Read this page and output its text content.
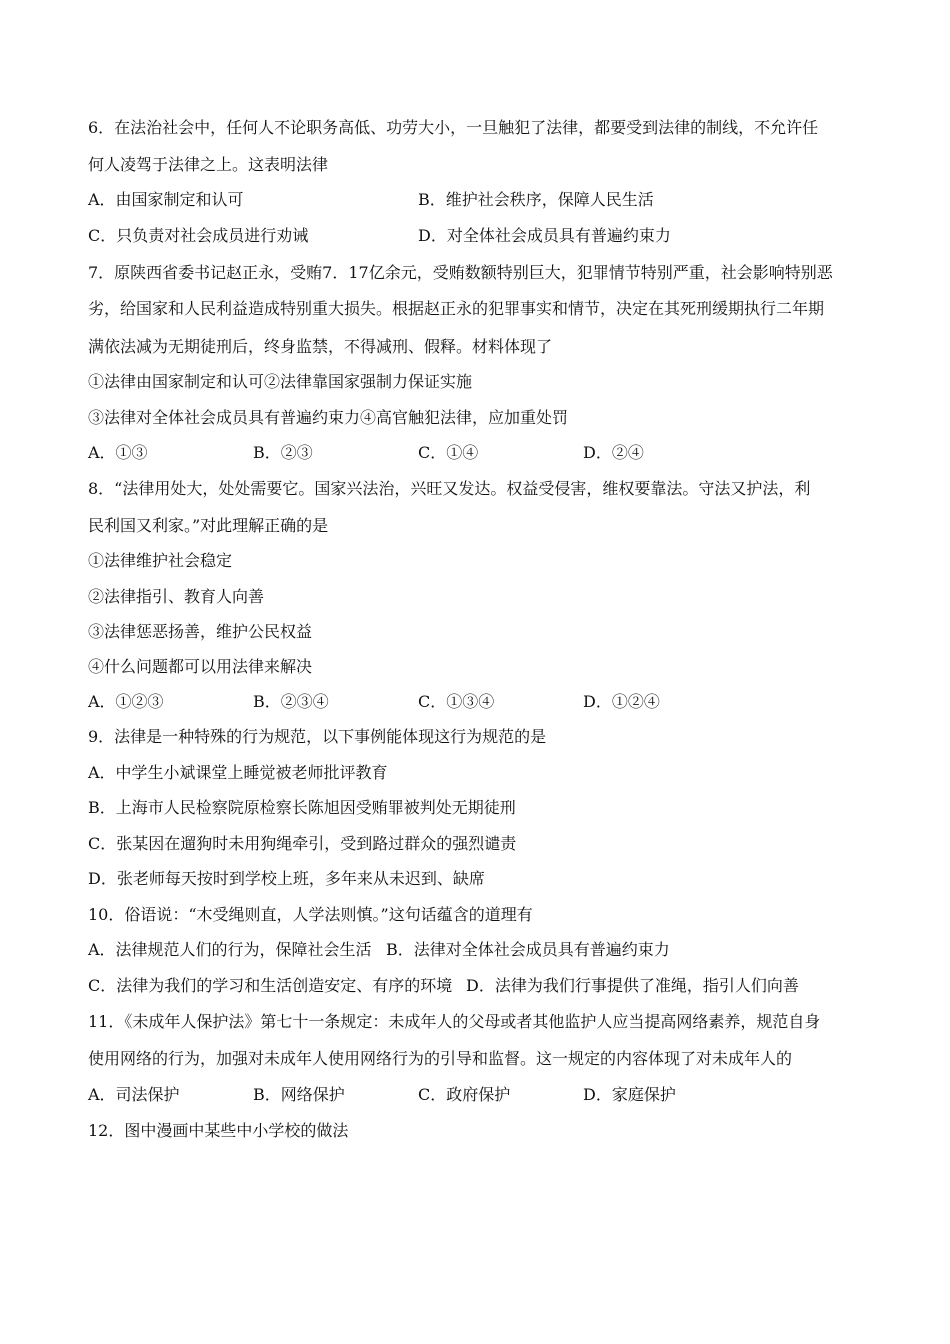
6．在法治社会中，任何人不论职务高低、功劳大小，一旦触犯了法律，都要受到法律的制线，不允许任
何人凌驾于法律之上。这表明法律
A．由国家制定和认可	B．维护社会秩序，保障人民生活
C．只负责对社会成员进行劝诫	D．对全体社会成员具有普遍约束力
7．原陕西省委书记赵正永，受贿7．17亿余元，受贿数额特别巨大，犯罪情节特别严重，社会影响特别恶
劣，给国家和人民利益造成特别重大损失。根据赵正永的犯罪事实和情节，决定在其死刑缓期执行二年期
满依法减为无期徒刑后，终身监禁，不得减刑、假释。材料体现了
①法律由国家制定和认可②法律靠国家强制力保证实施
③法律对全体社会成员具有普遍约束力④高官触犯法律，应加重处罚
A．①③	B．②③	C．①④	D．②④
8．“法律用处大，处处需要它。国家兴法治，兴旺又发达。权益受侵害，维权要靠法。守法又护法，利
民利国又利家。”对此理解正确的是
①法律维护社会稳定
②法律指引、教育人向善
③法律惩恶扬善，维护公民权益
④什么问题都可以用法律来解决
A．①②③	B．②③④	C．①③④	D．①②④
9．法律是一种特殊的行为规范，以下事例能体现这行为规范的是
A．中学生小斌课堂上睡觉被老师批评教育
B．上海市人民检察院原检察长陈旭因受贿罪被判处无期徒刑
C．张某因在遛狗时未用狗绳牵引，受到路过群众的强烈谴责
D．张老师每天按时到学校上班，多年来从未迟到、缺席
10．俗语说：“木受绳则直，人学法则慎。”这句话蕴含的道理有
A．法律规范人们的行为，保障社会生活 B．法律对全体社会成员具有普遍约束力
C．法律为我们的学习和生活创造安定、有序的环境 D．法律为我们行事提供了准绳，指引人们向善
11．《未成年人保护法》第七十一条规定：未成年人的父母或者其他监护人应当提高网络素养，规范自身
使用网络的行为，加强对未成年人使用网络行为的引导和监督。这一规定的内容体现了对未成年人的
A．司法保护	B．网络保护	C．政府保护	D．家庭保护
12．图中漫画中某些中小学校的做法
